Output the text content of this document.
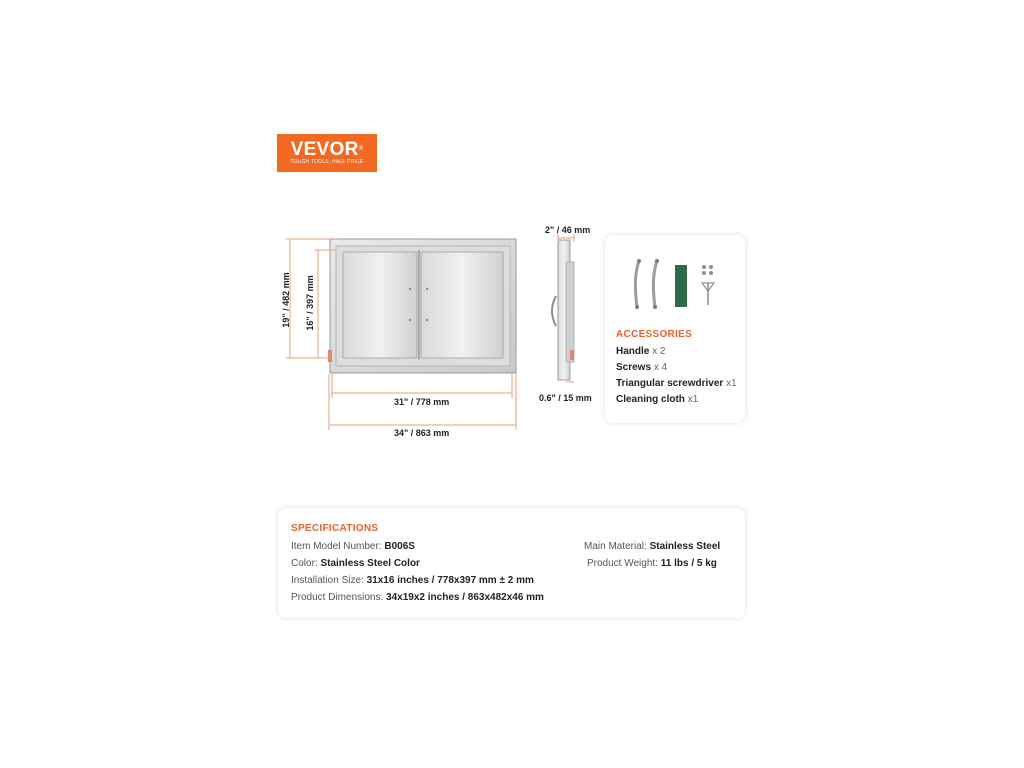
VEVOR®
TOUGH TOOLS, HALF PRICE
19" / 482 mm 16" / 397 mm
31" / 778 mm
34" / 863 mm
2" / 46 mm
0.6" / 15 mm
ACCESSORIES
Handle x 2
Screws x 4
Triangular screwdriver x1
Cleaning cloth x1
SPECIFICATIONS
Item Model Number: B006S
Color: Stainless Steel Color
Installation Size: 31x16 inches / 778x397 mm ± 2 mm
Product Dimensions: 34x19x2 inches / 863x482x46 mm
Main Material: Stainless Steel
Product Weight: 11 lbs / 5 kg
